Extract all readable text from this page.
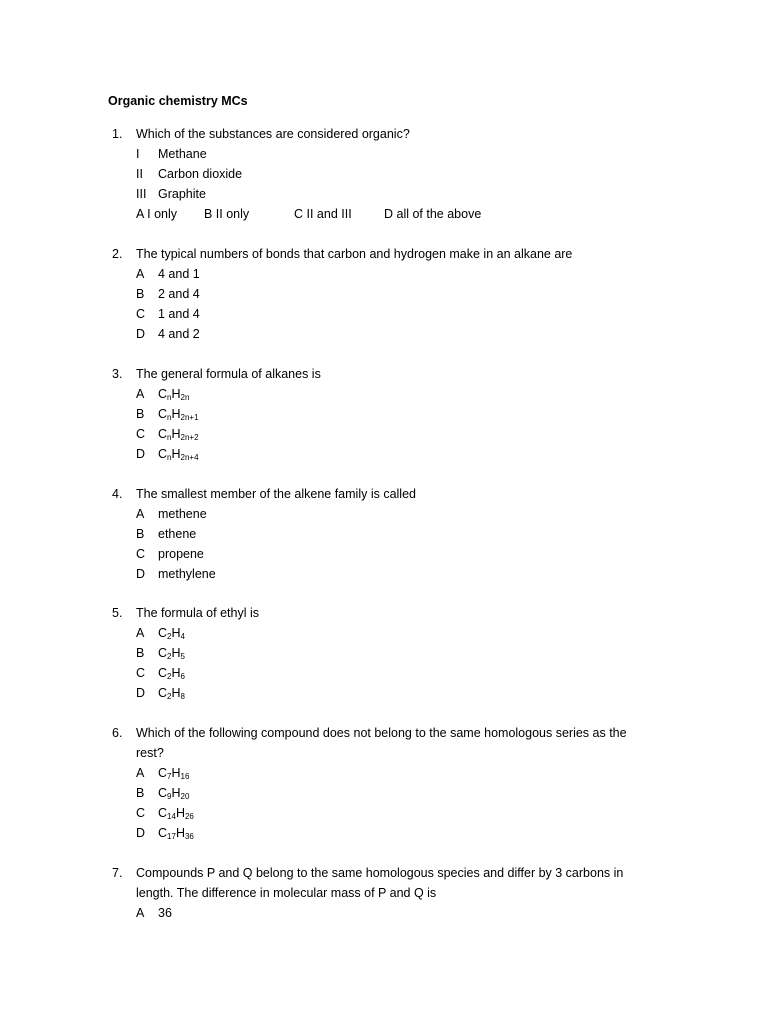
Organic chemistry MCs
1.	Which of the substances are considered organic?
I	Methane
II	Carbon dioxide
III Graphite
A I only	B II only	C II and III	D all of the above
2.	The typical numbers of bonds that carbon and hydrogen make in an alkane are
A	4 and 1
B	2 and 4
C	1 and 4
D	4 and 2
3.	The general formula of alkanes is
A	$C_nH_{2n}$
B	$C_nH_{2n+1}$
C	$C_nH_{2n+2}$
D	$C_nH_{2n+4}$
4.	The smallest member of the alkene family is called
A	methene
B	ethene
C	propene
D	methylene
5.	The formula of ethyl is
A	$C_2H_4$
B	$C_2H_5$
C	$C_2H_6$
D	$C_2H_8$
6.	Which of the following compound does not belong to the same homologous series as the rest?
A	$C_7H_{16}$
B	$C_9H_{20}$
C	$C_{14}H_{26}$
D	$C_{17}H_{36}$
7.	Compounds P and Q belong to the same homologous species and differ by 3 carbons in length. The difference in molecular mass of P and Q is
A	36
